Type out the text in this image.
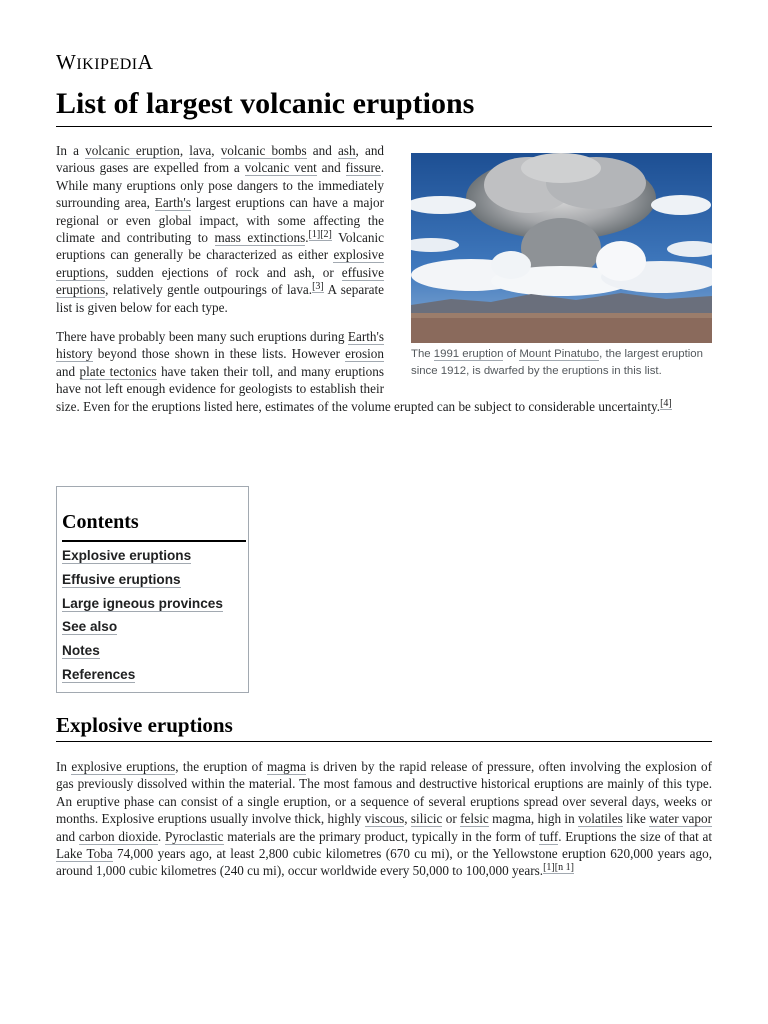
WIKIPEDIA
List of largest volcanic eruptions
The 1991 eruption of Mount Pinatubo, the largest eruption since 1912, is dwarfed by the eruptions in this list.
In a volcanic eruption, lava, volcanic bombs and ash, and various gases are expelled from a volcanic vent and fissure. While many eruptions only pose dangers to the immediately surrounding area, Earth's largest eruptions can have a major regional or even global impact, with some affecting the climate and contributing to mass extinctions.[1][2] Volcanic eruptions can generally be characterized as either explosive eruptions, sudden ejections of rock and ash, or effusive eruptions, relatively gentle outpourings of lava.[3] A separate list is given below for each type.
There have probably been many such eruptions during Earth's history beyond those shown in these lists. However erosion and plate tectonics have taken their toll, and many eruptions have not left enough evidence for geologists to establish their size. Even for the eruptions listed here, estimates of the volume erupted can be subject to considerable uncertainty.[4]
Contents
Explosive eruptions
Effusive eruptions
Large igneous provinces
See also
Notes
References
Explosive eruptions

In explosive eruptions, the eruption of magma is driven by the rapid release of pressure, often involving the explosion of gas previously dissolved within the material. The most famous and destructive historical eruptions are mainly of this type. An eruptive phase can consist of a single eruption, or a sequence of several eruptions spread over several days, weeks or months. Explosive eruptions usually involve thick, highly viscous, silicic or felsic magma, high in volatiles like water vapor and carbon dioxide. Pyroclastic materials are the primary product, typically in the form of tuff. Eruptions the size of that at Lake Toba 74,000 years ago, at least 2,800 cubic kilometres (670 cu mi), or the Yellowstone eruption 620,000 years ago, around 1,000 cubic kilometres (240 cu mi), occur worldwide every 50,000 to 100,000 years.[1][n 1]
